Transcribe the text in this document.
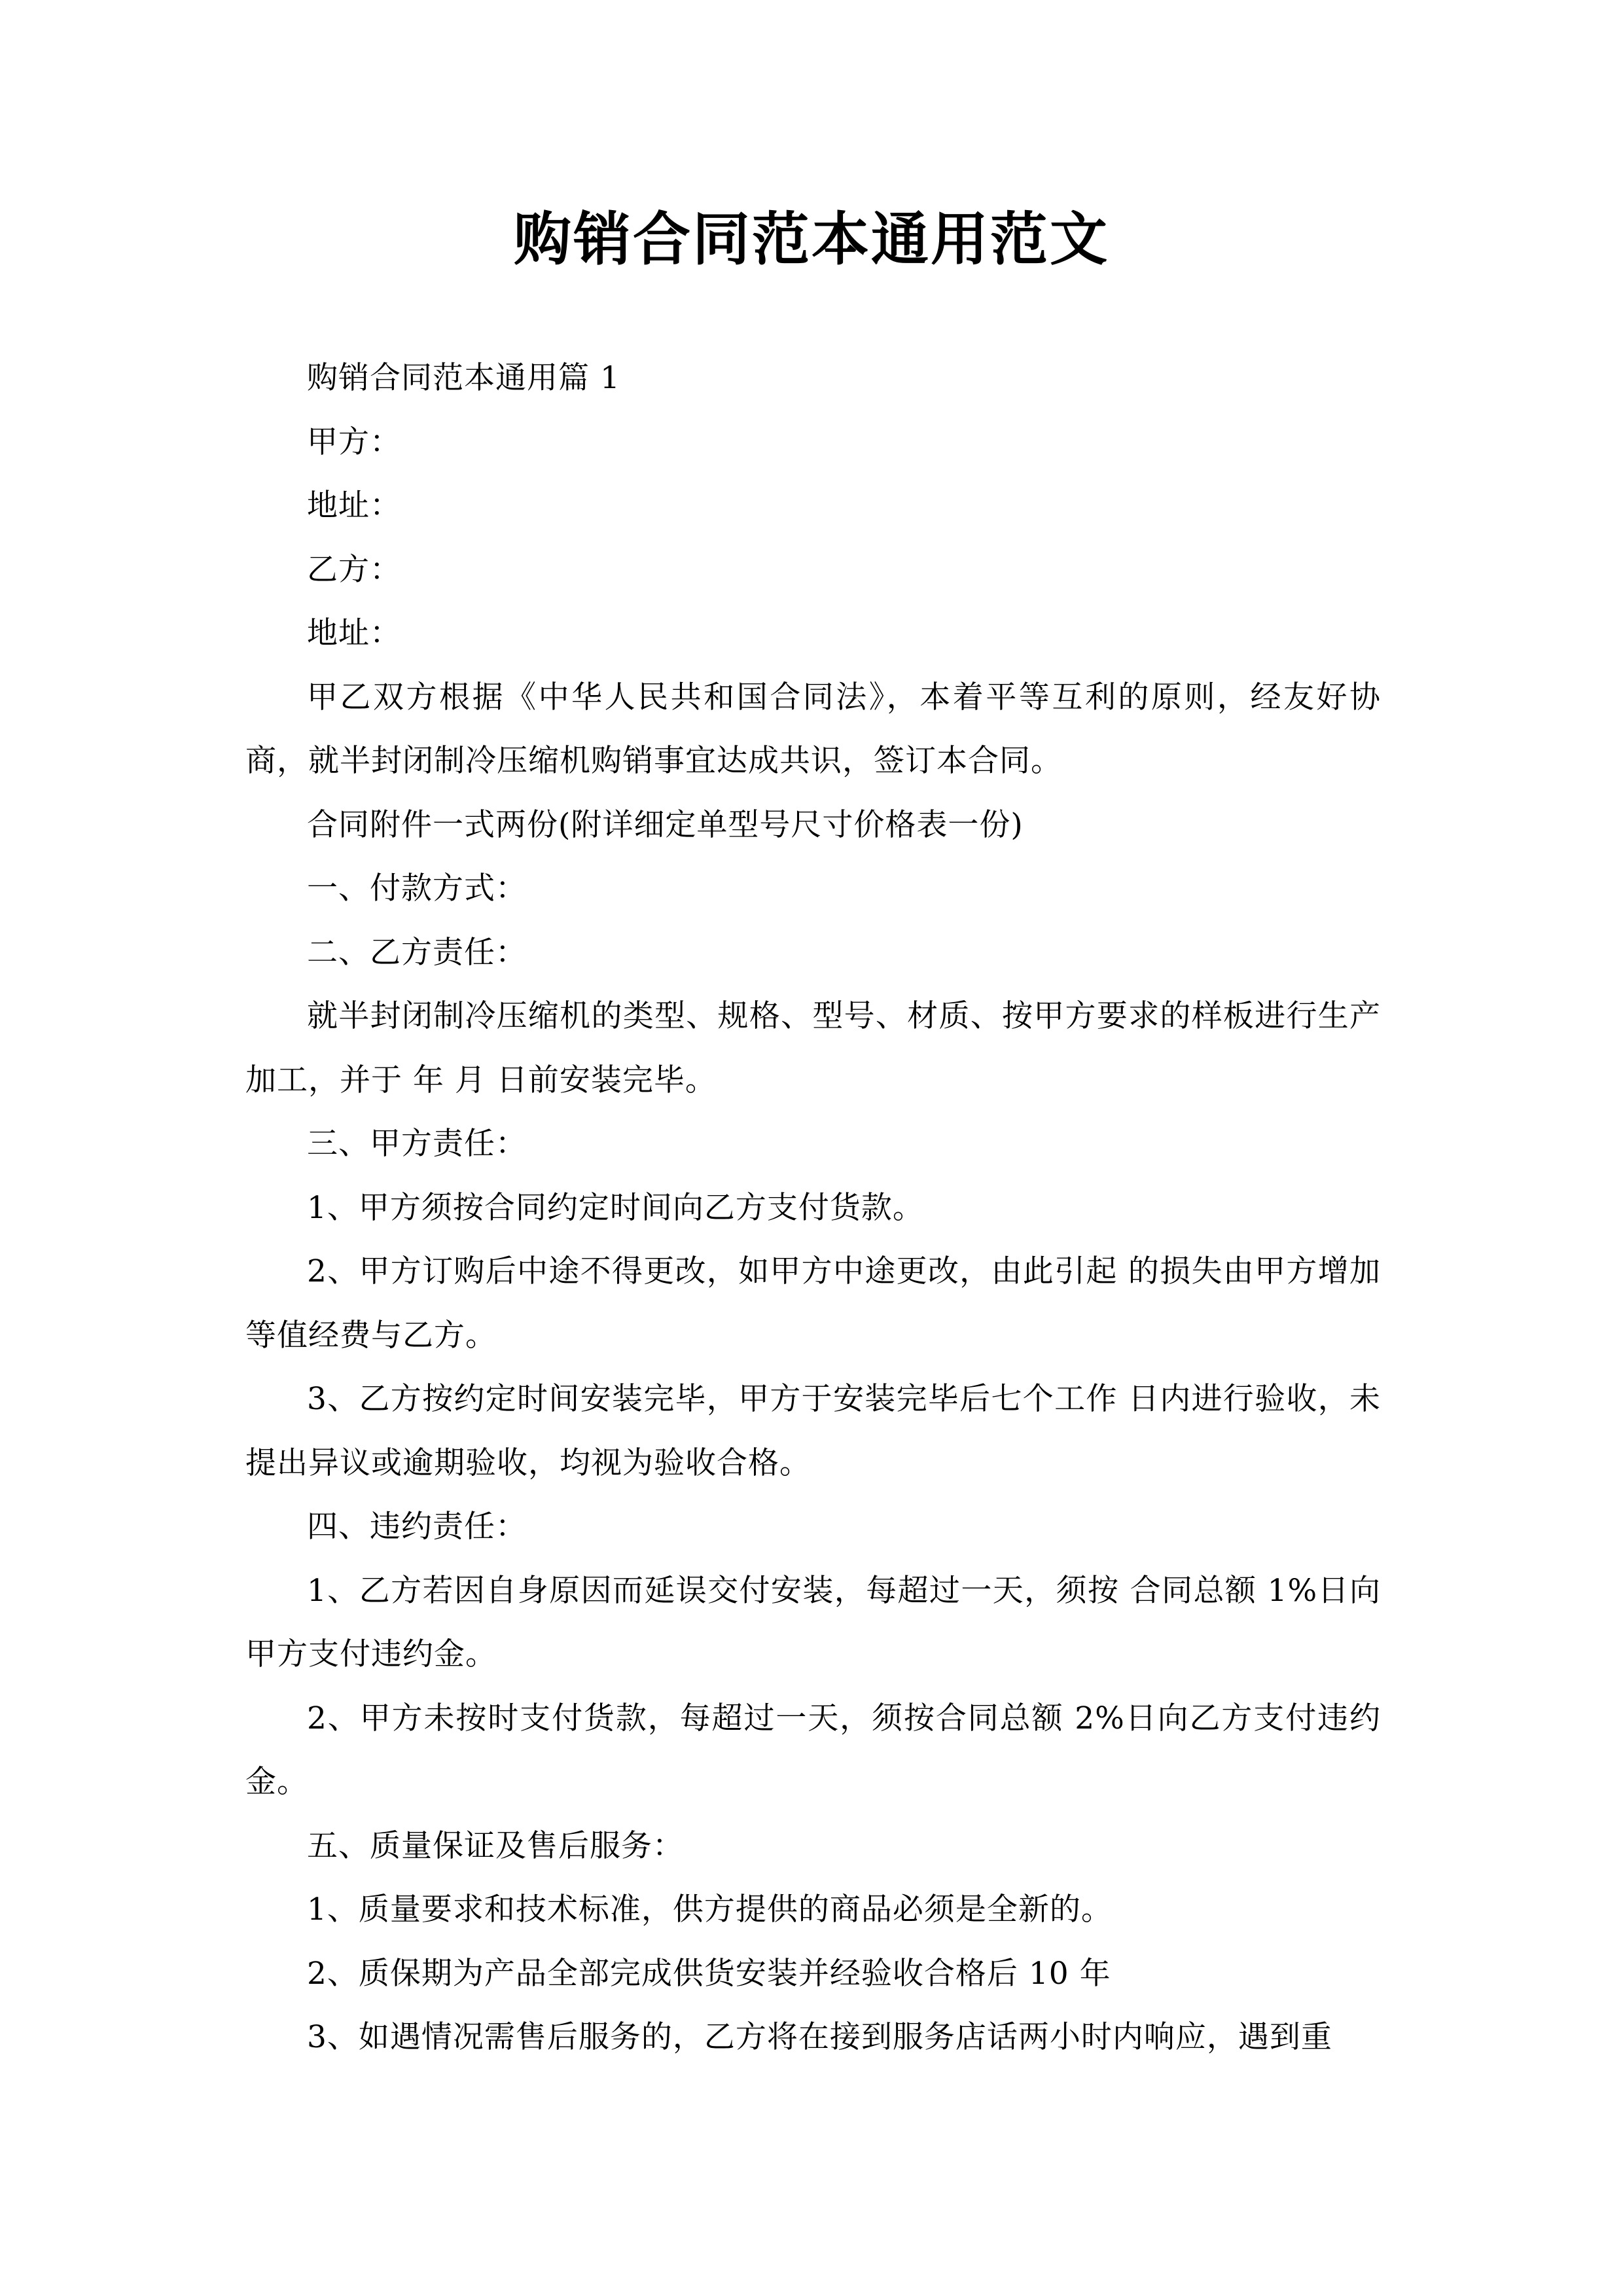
购销合同范本通用范文

购销合同范本通用篇 1

甲方：

地址：

乙方：

地址：

甲乙双方根据《中华人民共和国合同法》，本着平等互利的原则，经友好协商，就半封闭制冷压缩机购销事宜达成共识，签订本合同。

合同附件一式两份(附详细定单型号尺寸价格表一份)

一、付款方式：

二、乙方责任：

就半封闭制冷压缩机的类型、规格、型号、材质、按甲方要求的样板进行生产加工，并于 年 月 日前安装完毕。

三、甲方责任：

1、甲方须按合同约定时间向乙方支付货款。

2、甲方订购后中途不得更改，如甲方中途更改，由此引起 的损失由甲方增加等值经费与乙方。

3、乙方按约定时间安装完毕，甲方于安装完毕后七个工作 日内进行验收，未提出异议或逾期验收，均视为验收合格。

四、违约责任：

1、乙方若因自身原因而延误交付安装，每超过一天，须按 合同总额 1%日向甲方支付违约金。

2、甲方未按时支付货款，每超过一天，须按合同总额 2%日向乙方支付违约金。

五、质量保证及售后服务：

1、质量要求和技术标准，供方提供的商品必须是全新的。

2、质保期为产品全部完成供货安装并经验收合格后 10 年

3、如遇情况需售后服务的，乙方将在接到服务店话两小时内响应，遇到重
